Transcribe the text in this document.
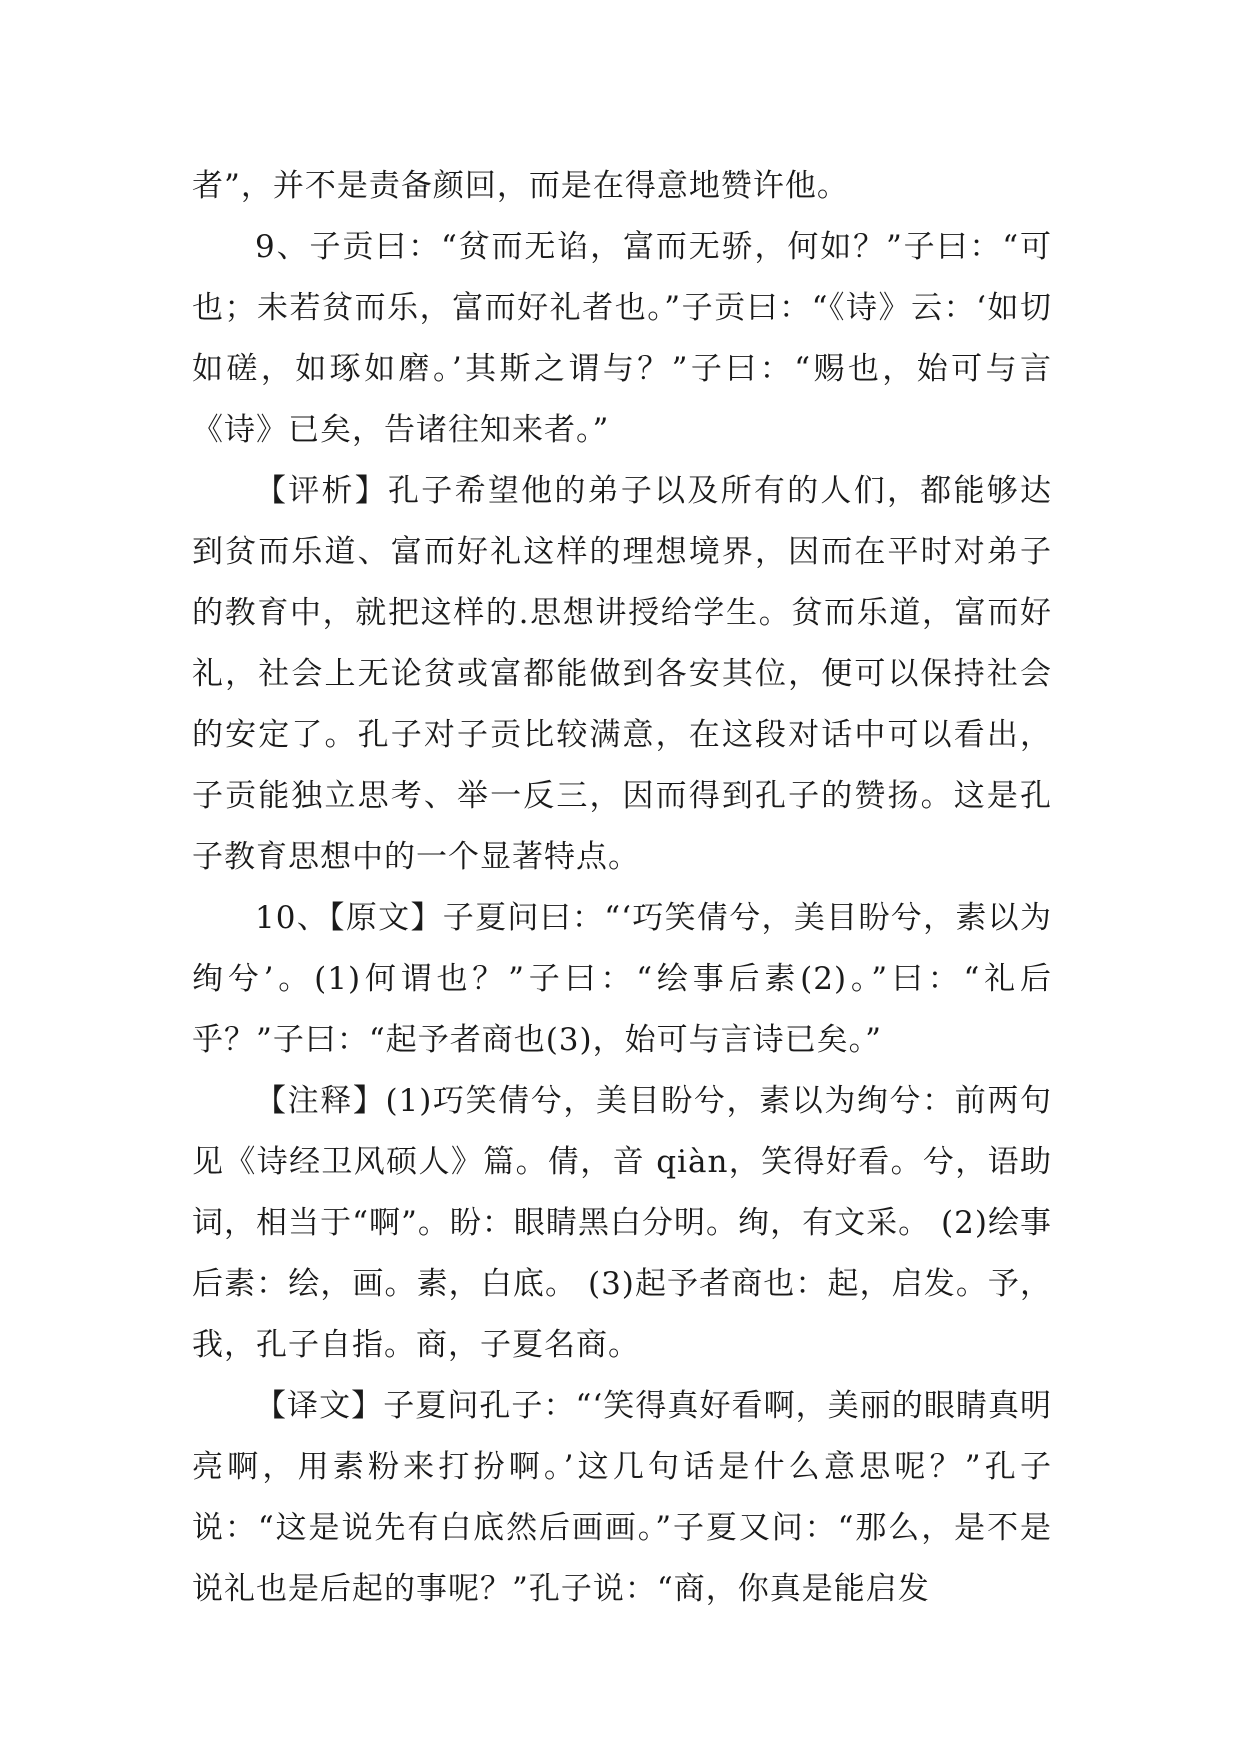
者”，并不是责备颜回，而是在得意地赞许他。

9、子贡曰：“贫而无谄，富而无骄，何如？”子曰：“可也；未若贫而乐，富而好礼者也。”子贡曰：“《诗》云：‘如切如磋，如琢如磨。’其斯之谓与？”子曰：“赐也，始可与言《诗》已矣，告诸往知来者。”

【评析】孔子希望他的弟子以及所有的人们，都能够达到贫而乐道、富而好礼这样的理想境界，因而在平时对弟子的教育中，就把这样的.思想讲授给学生。贫而乐道，富而好礼，社会上无论贫或富都能做到各安其位，便可以保持社会的安定了。孔子对子贡比较满意，在这段对话中可以看出，子贡能独立思考、举一反三，因而得到孔子的赞扬。这是孔子教育思想中的一个显著特点。

10、【原文】子夏问曰：“‘巧笑倩兮，美目盼兮，素以为绚兮’。(1)何谓也？”子曰：“绘事后素(2)。”曰：“礼后乎？”子曰：“起予者商也(3)，始可与言诗已矣。”

【注释】(1)巧笑倩兮，美目盼兮，素以为绚兮：前两句见《诗经卫风硕人》篇。倩，音 qiàn，笑得好看。兮，语助词，相当于“啊”。盼：眼睛黑白分明。绚，有文采。 (2)绘事后素：绘，画。素，白底。 (3)起予者商也：起，启发。予，我，孔子自指。商，子夏名商。

【译文】子夏问孔子：“‘笑得真好看啊，美丽的眼睛真明亮啊，用素粉来打扮啊。’这几句话是什么意思呢？”孔子说：“这是说先有白底然后画画。”子夏又问：“那么，是不是说礼也是后起的事呢？”孔子说：“商，你真是能启发
